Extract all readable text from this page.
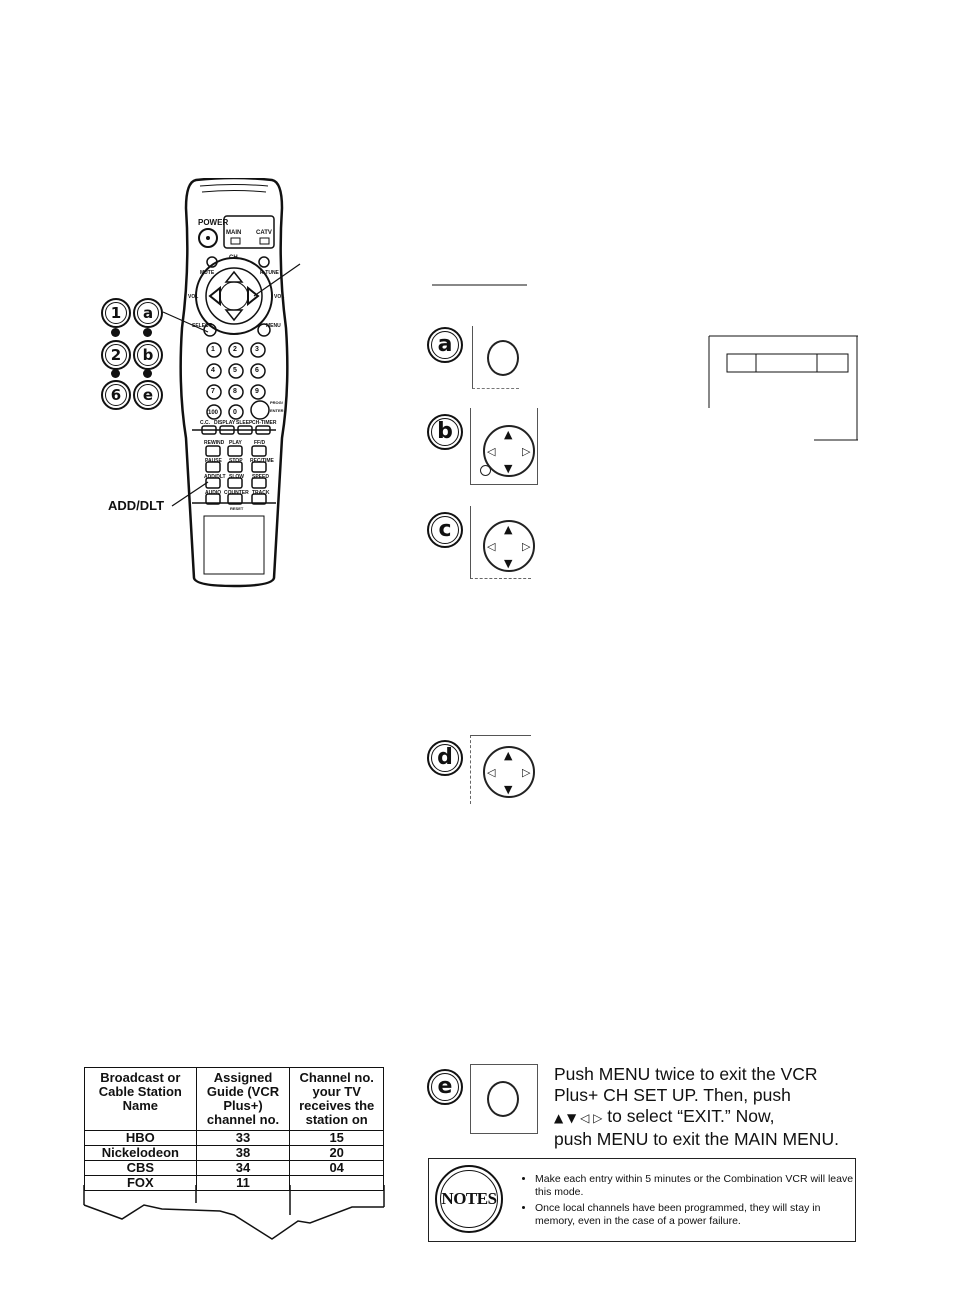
POWER
MAIN CATV
CH
MUTE	R-TUNE
VOL	VOL
SELECT	MENU
1	2	3
4	5	6
7	8	9
100 0
PROG/ ENTER
C.C. DISPLAY SLEEP CH-TIMER
REWIND PLAY FF/D
PAUSE STOP REC/TIME
ADD/DLT SLOW SPEED
AUDIO COUNTER
RESET
TRACK
1	a
2	b
6	e
ADD/DLT
a
b	▲
▼
◁ ▷
c	▲
▼
◁ ▷
d	▲
▼
◁ ▷
e	Push MENU twice to exit the VCR
Plus+ CH SET UP. Then, push
▲ ▼ ◁ ▷ to select “EXIT.” Now,
push MENU to exit the MAIN MENU.
Broadcast or Cable Station Name	Assigned Guide (VCR Plus+) channel no.	Channel no. your TV receives the station on
HBO	33	15
Nickelodeon	38	20
CBS	34	04
FOX	11	
NOTES
• Make each entry within 5 minutes or the Combination VCR will leave this mode.
• Once local channels have been programmed, they will stay in memory, even in the case of a power failure.
